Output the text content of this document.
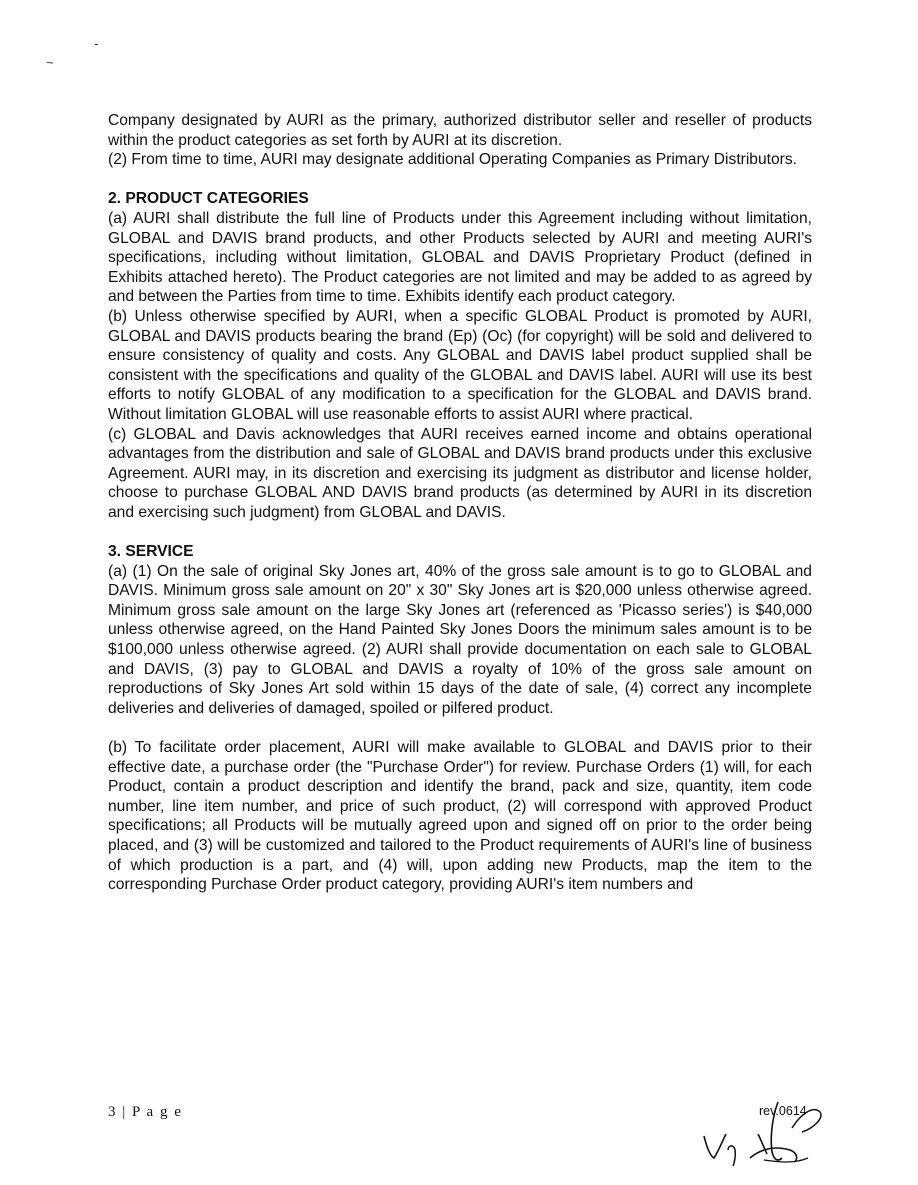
-
~

Company designated by AURI as the primary, authorized distributor seller and reseller of products within the product categories as set forth by AURI at its discretion.

(2) From time to time, AURI may designate additional Operating Companies as Primary Distributors.

2. PRODUCT CATEGORIES

(a) AURI shall distribute the full line of Products under this Agreement including without limitation, GLOBAL and DAVIS brand products, and other Products selected by AURI and meeting AURI's specifications, including without limitation, GLOBAL and DAVIS Proprietary Product (defined in Exhibits attached hereto). The Product categories are not limited and may be added to as agreed by and between the Parties from time to time. Exhibits identify each product category.

(b) Unless otherwise specified by AURI, when a specific GLOBAL Product is promoted by AURI, GLOBAL and DAVIS products bearing the brand (Ep) (Oc) (for copyright) will be sold and delivered to ensure consistency of quality and costs. Any GLOBAL and DAVIS label product supplied shall be consistent with the specifications and quality of the GLOBAL and DAVIS label. AURI will use its best efforts to notify GLOBAL of any modification to a specification for the GLOBAL and DAVIS brand. Without limitation GLOBAL will use reasonable efforts to assist AURI where practical.

(c) GLOBAL and Davis acknowledges that AURI receives earned income and obtains operational advantages from the distribution and sale of GLOBAL and DAVIS brand products under this exclusive Agreement. AURI may, in its discretion and exercising its judgment as distributor and license holder, choose to purchase GLOBAL AND DAVIS brand products (as determined by AURI in its discretion and exercising such judgment) from GLOBAL and DAVIS.

3. SERVICE

(a) (1) On the sale of original Sky Jones art, 40% of the gross sale amount is to go to GLOBAL and DAVIS. Minimum gross sale amount on 20" x 30" Sky Jones art is $20,000 unless otherwise agreed. Minimum gross sale amount on the large Sky Jones art (referenced as 'Picasso series') is $40,000 unless otherwise agreed, on the Hand Painted Sky Jones Doors the minimum sales amount is to be $100,000 unless otherwise agreed. (2) AURI shall provide documentation on each sale to GLOBAL and DAVIS, (3) pay to GLOBAL and DAVIS a royalty of 10% of the gross sale amount on reproductions of Sky Jones Art sold within 15 days of the date of sale, (4) correct any incomplete deliveries and deliveries of damaged, spoiled or pilfered product.

(b) To facilitate order placement, AURI will make available to GLOBAL and DAVIS prior to their effective date, a purchase order (the "Purchase Order") for review. Purchase Orders (1) will, for each Product, contain a product description and identify the brand, pack and size, quantity, item code number, line item number, and price of such product, (2) will correspond with approved Product specifications; all Products will be mutually agreed upon and signed off on prior to the order being placed, and (3) will be customized and tailored to the Product requirements of AURI's line of business of which production is a part, and (4) will, upon adding new Products, map the item to the corresponding Purchase Order product category, providing AURI's item numbers and

3 | P a g e	rev.0614
